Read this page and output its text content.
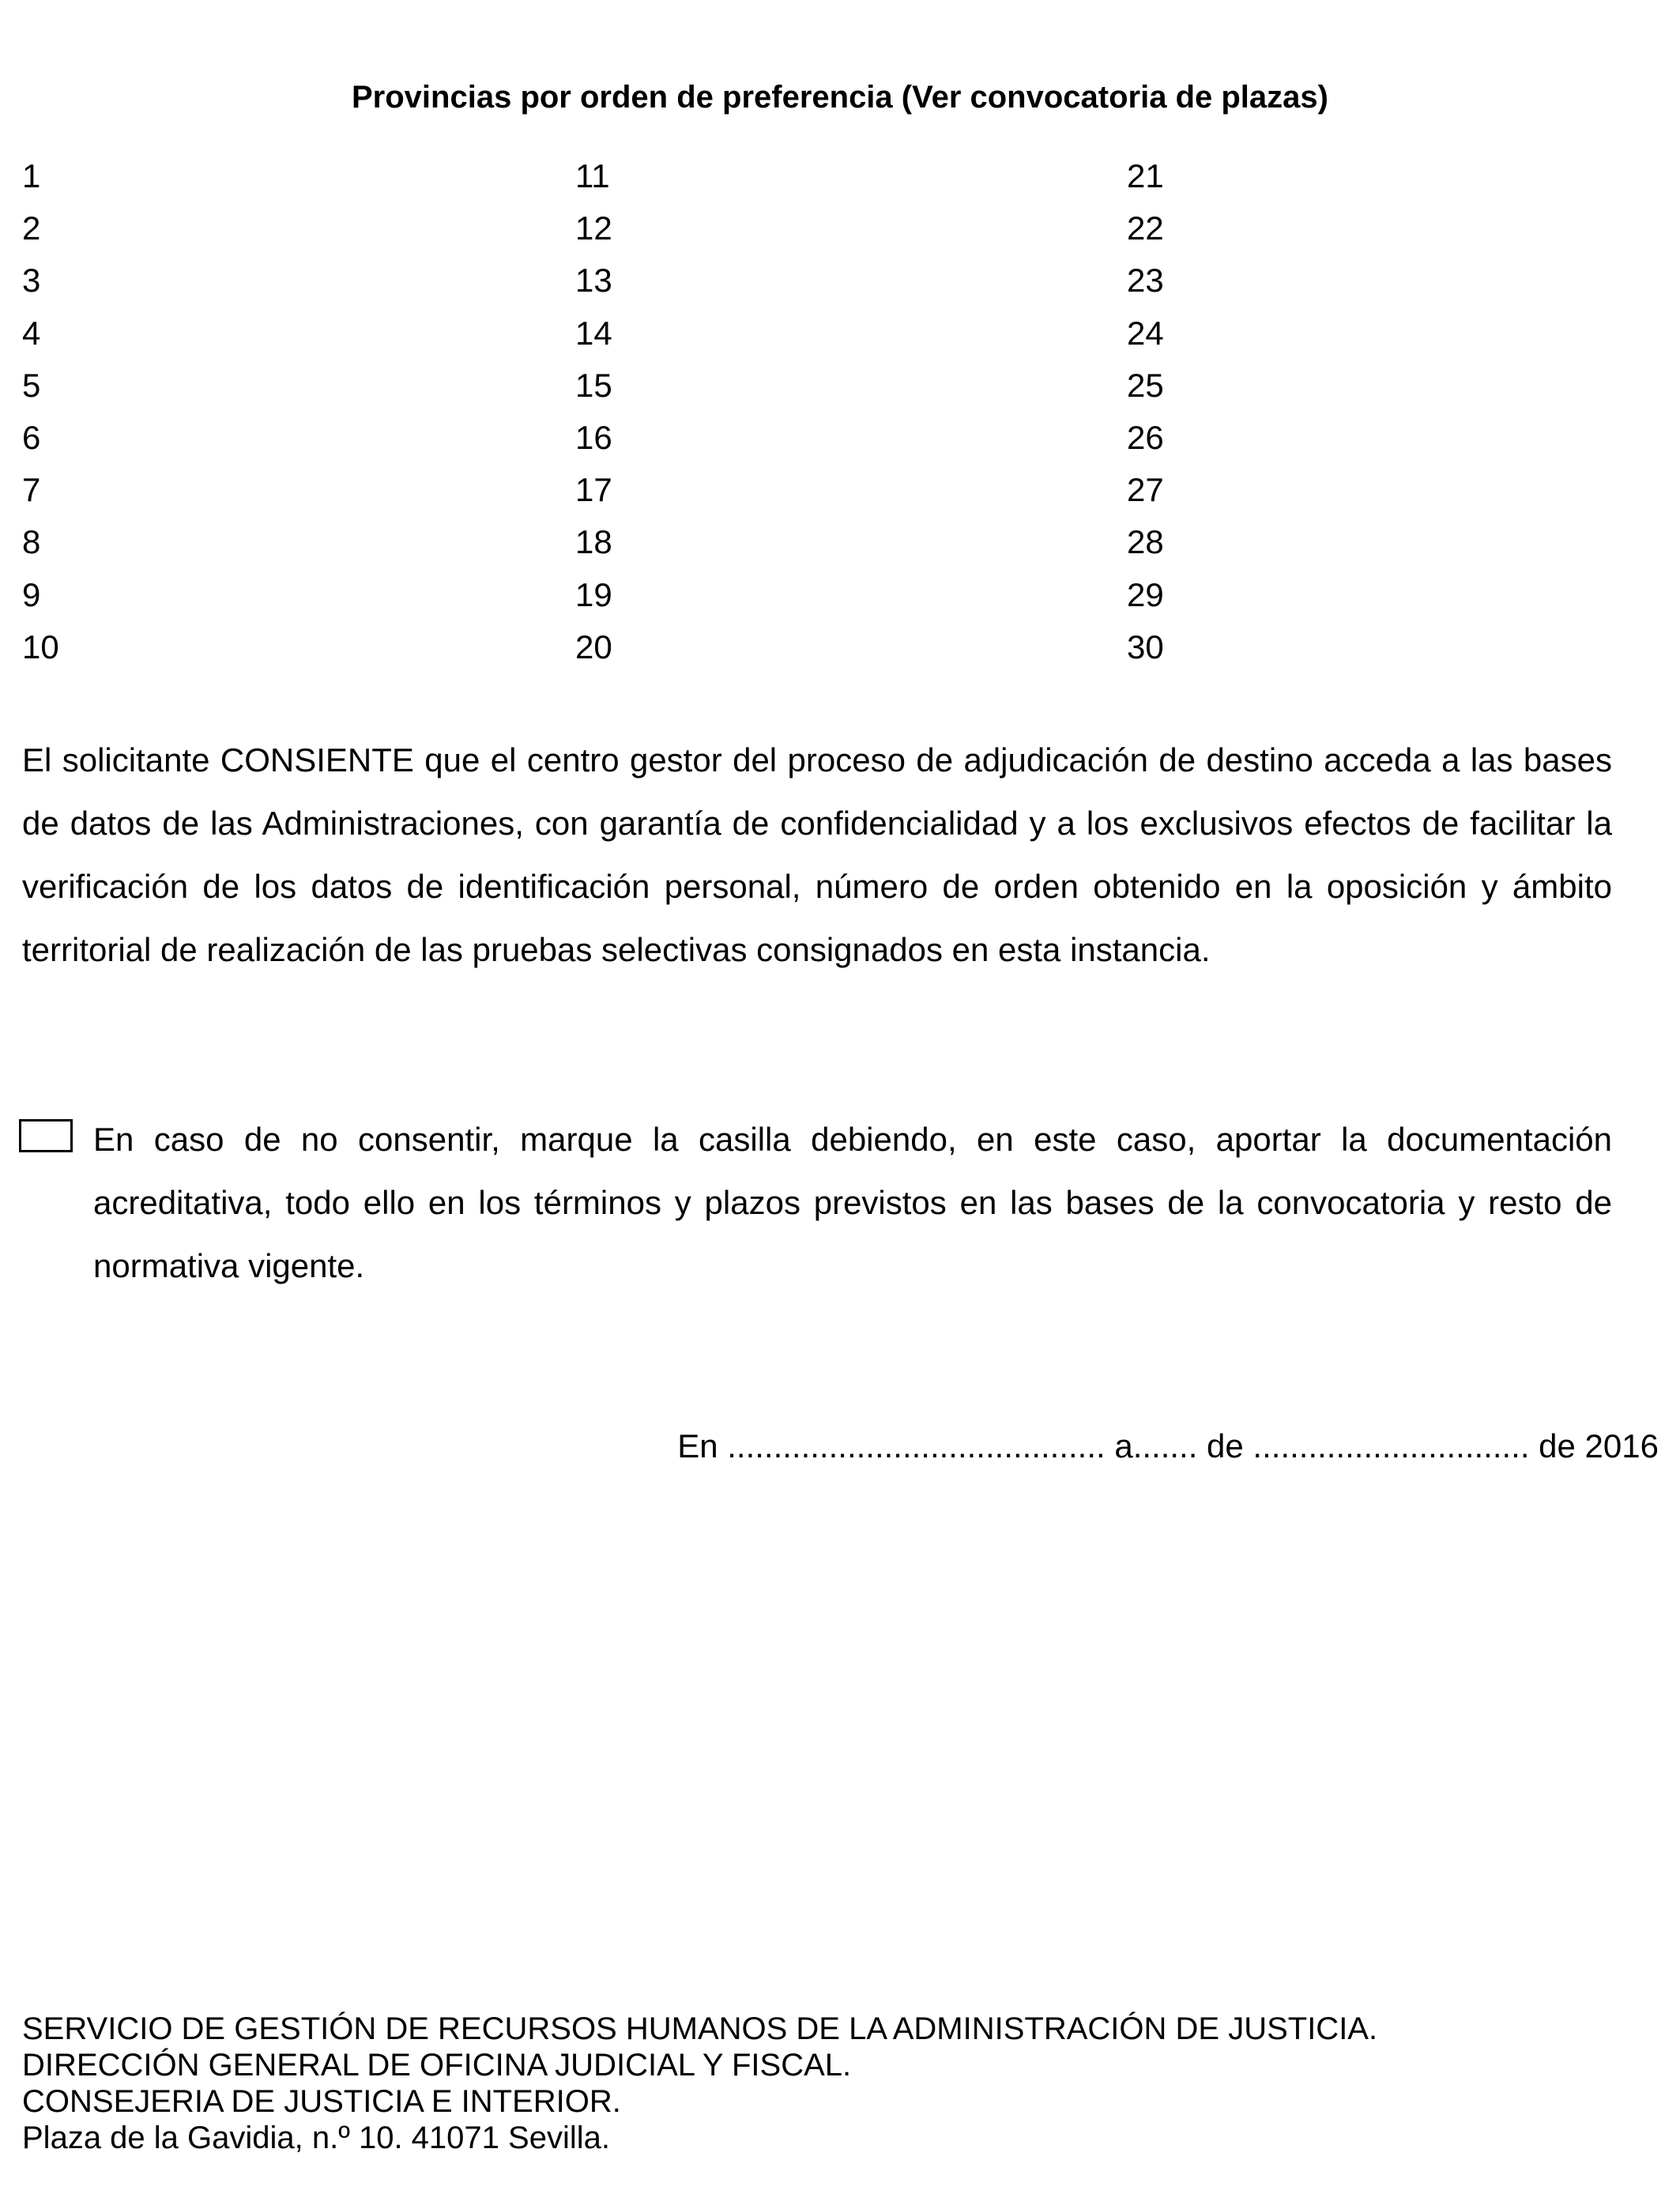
Provincias por orden de preferencia (Ver convocatoria de plazas)
1
2
3
4
5
6
7
8
9
10
11
12
13
14
15
16
17
18
19
20
21
22
23
24
25
26
27
28
29
30

El solicitante CONSIENTE que el centro gestor del proceso de adjudicación de destino acceda a las bases de datos de las Administraciones, con garantía de confidencialidad y a los exclusivos efectos de facilitar la verificación de los datos de identificación personal, número de orden obtenido en la oposición y ámbito territorial de realización de las pruebas selectivas consignados en esta instancia.

En caso de no consentir, marque la casilla debiendo, en este caso, aportar la documentación acreditativa, todo ello en los términos y plazos previstos en las bases de la convocatoria y resto de normativa vigente.

En ......................................... a....... de .............................. de 2016
SERVICIO DE GESTIÓN DE RECURSOS HUMANOS DE LA ADMINISTRACIÓN DE JUSTICIA.
DIRECCIÓN GENERAL DE OFICINA JUDICIAL Y FISCAL.
CONSEJERIA DE JUSTICIA E INTERIOR.
Plaza de la Gavidia, n.º 10. 41071 Sevilla.
